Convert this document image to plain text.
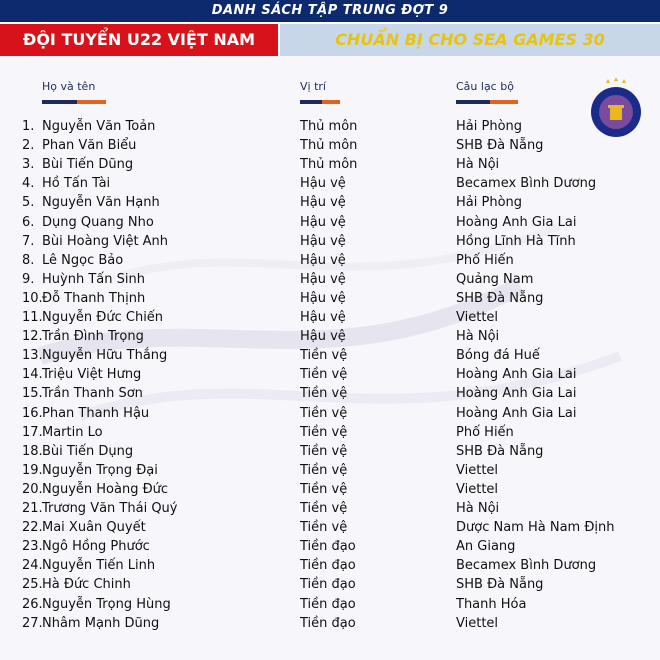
DANH SÁCH TẬP TRUNG ĐỢT 9
ĐỘI TUYỂN U22 VIỆT NAM	CHUẨN BỊ CHO SEA GAMES 30
Họ và tên	Vị trí	Câu lạc bộ
1. Nguyễn Văn Toản	Thủ môn	Hải Phòng
2. Phan Văn Biểu	Thủ môn	SHB Đà Nẵng
3. Bùi Tiến Dũng	Thủ môn	Hà Nội
4. Hồ Tấn Tài	Hậu vệ	Becamex Bình Dương
5. Nguyễn Văn Hạnh	Hậu vệ	Hải Phòng
6. Dụng Quang Nho	Hậu vệ	Hoàng Anh Gia Lai
7. Bùi Hoàng Việt Anh	Hậu vệ	Hồng Lĩnh Hà Tĩnh
8. Lê Ngọc Bảo	Hậu vệ	Phố Hiến
9. Huỳnh Tấn Sinh	Hậu vệ	Quảng Nam
10. Đỗ Thanh Thịnh	Hậu vệ	SHB Đà Nẵng
11. Nguyễn Đức Chiến	Hậu vệ	Viettel
12. Trần Đình Trọng	Hậu vệ	Hà Nội
13. Nguyễn Hữu Thắng	Tiền vệ	Bóng đá Huế
14. Triệu Việt Hưng	Tiền vệ	Hoàng Anh Gia Lai
15. Trần Thanh Sơn	Tiền vệ	Hoàng Anh Gia Lai
16. Phan Thanh Hậu	Tiền vệ	Hoàng Anh Gia Lai
17. Martin Lo	Tiền vệ	Phố Hiến
18. Bùi Tiến Dụng	Tiền vệ	SHB Đà Nẵng
19. Nguyễn Trọng Đại	Tiền vệ	Viettel
20. Nguyễn Hoàng Đức	Tiền vệ	Viettel
21. Trương Văn Thái Quý	Tiền vệ	Hà Nội
22. Mai Xuân Quyết	Tiền vệ	Dược Nam Hà Nam Định
23. Ngô Hồng Phước	Tiền đạo	An Giang
24. Nguyễn Tiến Linh	Tiền đạo	Becamex Bình Dương
25. Hà Đức Chinh	Tiền đạo	SHB Đà Nẵng
26. Nguyễn Trọng Hùng	Tiền đạo	Thanh Hóa
27. Nhâm Mạnh Dũng	Tiền đạo	Viettel
